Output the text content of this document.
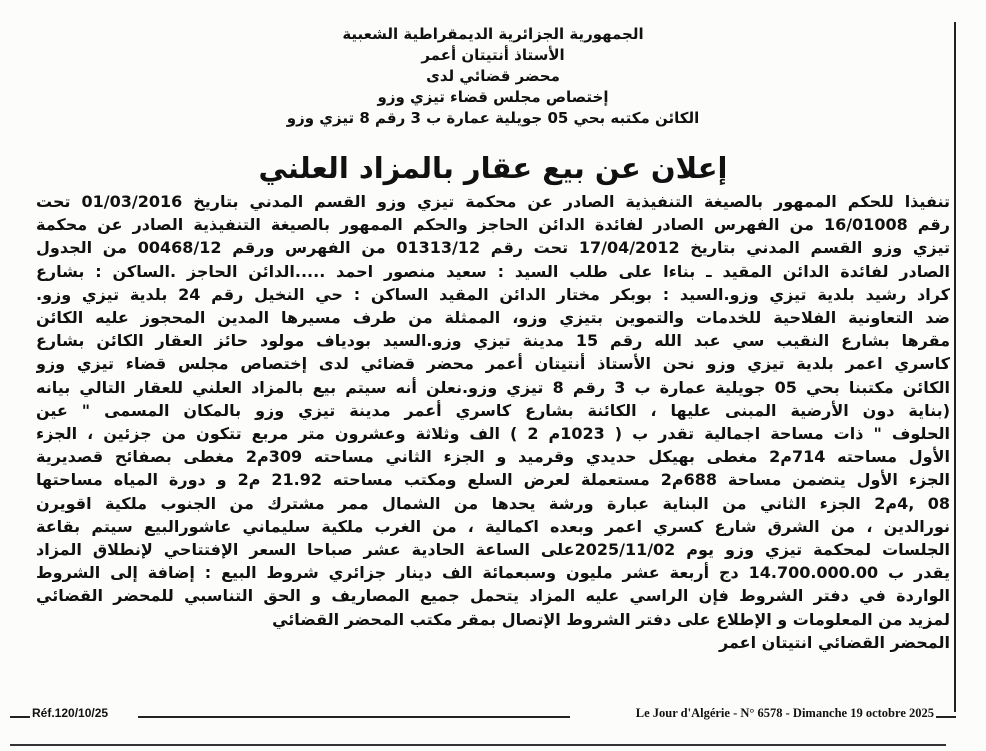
الجمهورية الجزائرية الديمقراطية الشعبية
الأستاذ أنتيتان أعمر
محضر قضائي لدى
إختصاص مجلس قضاء تيزي وزو
الكائن مكتبه بحي 05 جويلية عمارة ب 3 رقم 8 تيزي وزو
إعلان عن بيع عقار بالمزاد العلني
تنفيذا للحكم الممهور بالصيغة التنفيذية الصادر عن محكمة تيزي وزو القسم المدني بتاريخ 01/03/2016 تحت
رقم 16/01008 من الفهرس الصادر لفائدة الدائن الحاجز والحكم الممهور بالصيغة التنفيذية الصادر عن محكمة
تيزي وزو القسم المدني بتاريخ 17/04/2012 تحت رقم 01313/12 من الفهرس ورقم 00468/12 من الجدول
الصادر لفائدة الدائن المقيد ـ بناءا على طلب السيد : سعيد منصور احمد .....الدائن الحاجز .الساكن : بشارع
كراد رشيد بلدية تيزي وزو.السيد : بوبكر مختار الدائن المقيد الساكن : حي النخيل رقم 24 بلدية تيزي وزو.
ضد التعاونية الفلاحية للخدمات والتموين بتيزي وزو، الممثلة من طرف مسيرها المدين المحجوز عليه الكائن
مقرها بشارع النقيب سي عبد الله رقم 15 مدينة تيزي وزو.السيد بودياف مولود حائز العقار الكائن بشارع
كاسري اعمر بلدية تيزي وزو نحن الأستاذ أنتيتان أعمر محضر قضائي لدى إختصاص مجلس قضاء تيزي وزو
الكائن مكتبنا بحي 05 جويلية عمارة ب 3 رقم 8 تيزي وزو.نعلن أنه سيتم بيع بالمزاد العلني للعقار التالي بيانه
(بناية دون الأرضية المبنى عليها ، الكائنة بشارع كاسري أعمر مدينة تيزي وزو بالمكان المسمى " عين
الحلوف " ذات مساحة اجمالية تقدر ب ( 1023م 2 ) الف وثلاثة وعشرون متر مربع تتكون من جزئين ، الجزء
الأول مساحته 714م2 مغطى بهيكل حديدي وقرميد و الجزء الثاني مساحته 309م2 مغطى بصفائح قصديرية
الجزء الأول يتضمن مساحة 688م2 مستعملة لعرض السلع ومكتب مساحته 21.92 م2 و دورة المياه مساحتها
08 ,4م2 الجزء الثاني من البناية عبارة ورشة يحدها من الشمال ممر مشترك من الجنوب ملكية اقويرن
نورالدين ، من الشرق شارع كسري اعمر وبعده اكمالية ، من الغرب ملكية سليماني عاشورالبيع سيتم بقاعة
الجلسات لمحكمة تيزي وزو يوم 2025/11/02على الساعة الحادية عشر صباحا السعر الإفتتاحي لإنطلاق المزاد
يقدر ب 14.700.000.00 دج أربعة عشر مليون وسبعمائة الف دينار جزائري شروط البيع : إضافة إلى الشروط
الواردة في دفتر الشروط فإن الراسي عليه المزاد يتحمل جميع المصاريف و الحق التناسبي للمحضر القضائي
لمزيد من المعلومات و الإطلاع على دفتر الشروط الإتصال بمقر مكتب المحضر القضائي
المحضر القضائي انتيتان اعمر
Réf.120/10/25	Le Jour d'Algérie - N° 6578 - Dimanche 19 octobre 2025
